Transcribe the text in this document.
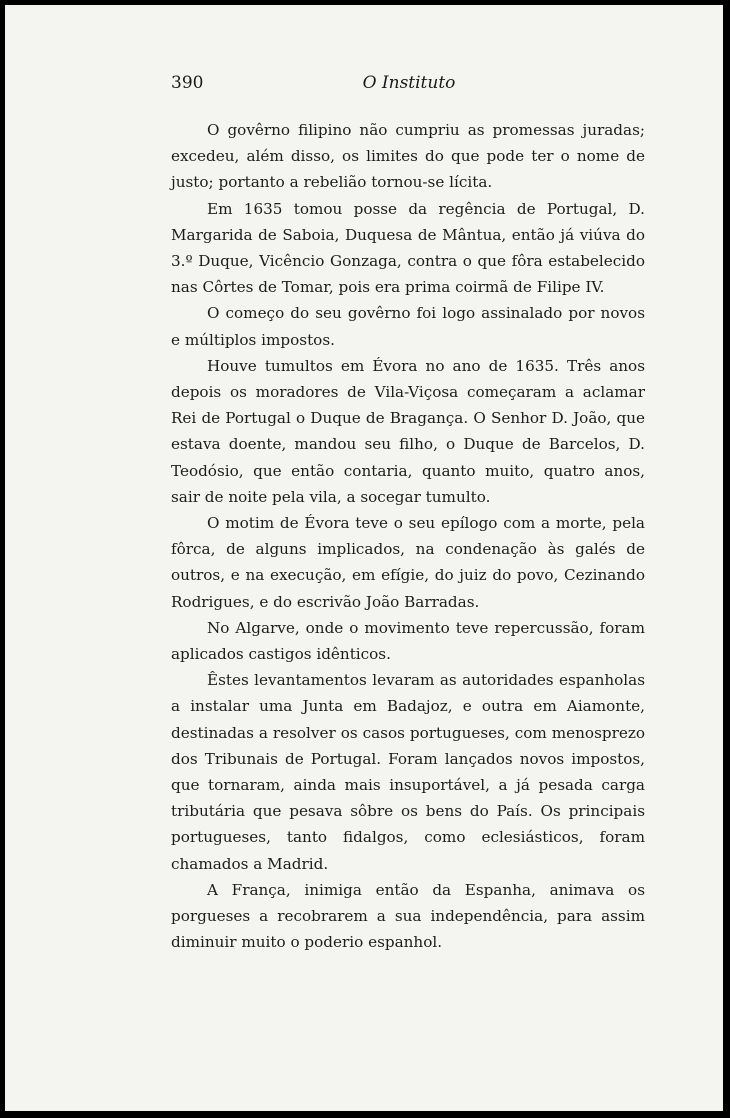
390	O Instituto

O govêrno filipino não cumpriu as promessas juradas; excedeu, além disso, os limites do que pode ter o nome de justo; portanto a rebelião tornou-se lícita.

Em 1635 tomou posse da regência de Portugal, D. Margarida de Saboia, Duquesa de Mântua, então já viúva do 3.º Duque, Vicêncio Gonzaga, contra o que fôra estabelecido nas Côrtes de Tomar, pois era prima coirmã de Filipe IV.

O começo do seu govêrno foi logo assinalado por novos e múltiplos impostos.

Houve tumultos em Évora no ano de 1635. Três anos depois os moradores de Vila-Viçosa começaram a aclamar Rei de Portugal o Duque de Bragança. O Senhor D. João, que estava doente, mandou seu filho, o Duque de Barcelos, D. Teodósio, que então contaria, quanto muito, quatro anos, sair de noite pela vila, a socegar tumulto.

O motim de Évora teve o seu epílogo com a morte, pela fôrca, de alguns implicados, na condenação às galés de outros, e na execução, em efígie, do juiz do povo, Cezinando Rodrigues, e do escrivão João Barradas.

No Algarve, onde o movimento teve repercussão, foram aplicados castigos idênticos.

Êstes levantamentos levaram as autoridades espanholas a instalar uma Junta em Badajoz, e outra em Aiamonte, destinadas a resolver os casos portugueses, com menosprezo dos Tribunais de Portugal. Foram lançados novos impostos, que tornaram, ainda mais insuportável, a já pesada carga tributária que pesava sôbre os bens do País. Os principais portugueses, tanto fidalgos, como eclesiásticos, foram chamados a Madrid.

A França, inimiga então da Espanha, animava os porgueses a recobrarem a sua independência, para assim diminuir muito o poderio espanhol.
